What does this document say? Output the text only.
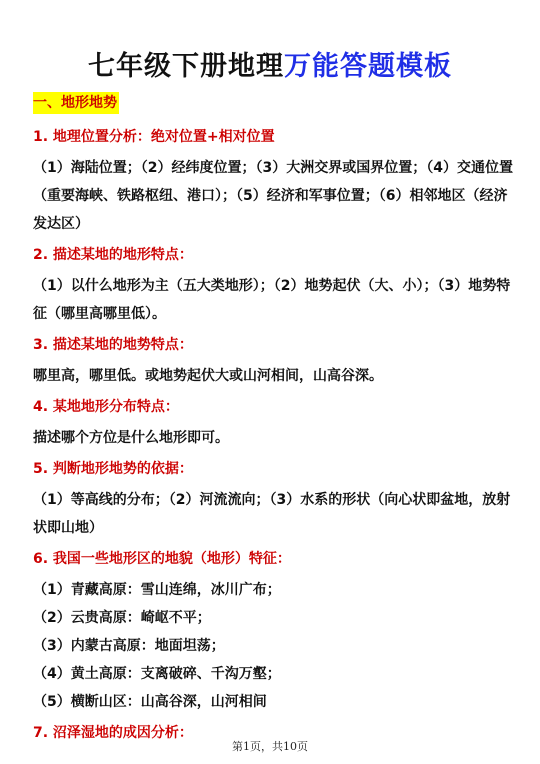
七年级下册地理万能答题模板
一、地形地势
1. 地理位置分析：绝对位置+相对位置

（1）海陆位置；（2）经纬度位置；（3）大洲交界或国界位置；（4）交通位置（重要海峡、铁路枢纽、港口）；（5）经济和军事位置；（6）相邻地区（经济发达区）

2. 描述某地的地形特点：

（1）以什么地形为主（五大类地形）；（2）地势起伏（大、小）；（3）地势特征（哪里高哪里低）。

3. 描述某地的地势特点：

哪里高，哪里低。或地势起伏大或山河相间，山高谷深。

4. 某地地形分布特点：

描述哪个方位是什么地形即可。

5. 判断地形地势的依据：

（1）等高线的分布；（2）河流流向；（3）水系的形状（向心状即盆地，放射状即山地）

6. 我国一些地形区的地貌（地形）特征：
（1）青藏高原：雪山连绵，冰川广布；
（2）云贵高原：崎岖不平；
（3）内蒙古高原：地面坦荡；
（4）黄土高原：支离破碎、千沟万壑；
（5）横断山区：山高谷深，山河相间
7. 沼泽湿地的成因分析：
第1页，共10页
